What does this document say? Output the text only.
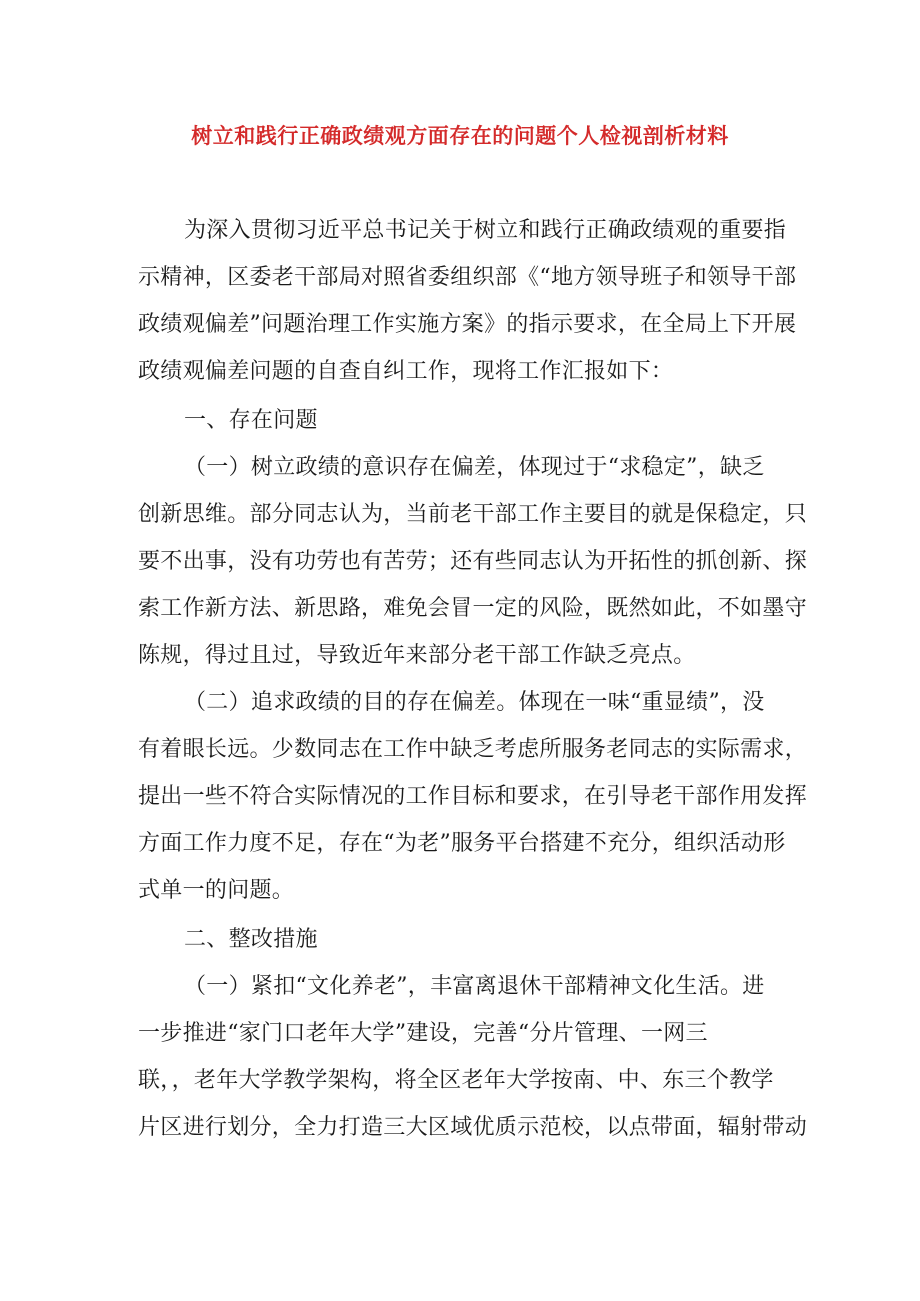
树立和践行正确政绩观方面存在的问题个人检视剖析材料
为深入贯彻习近平总书记关于树立和践行正确政绩观的重要指
示精神，区委老干部局对照省委组织部《“地方领导班子和领导干部
政绩观偏差”问题治理工作实施方案》的指示要求，在全局上下开展
政绩观偏差问题的自查自纠工作，现将工作汇报如下：
一、存在问题
（一）树立政绩的意识存在偏差，体现过于“求稳定”，缺乏
创新思维。部分同志认为，当前老干部工作主要目的就是保稳定，只
要不出事，没有功劳也有苦劳；还有些同志认为开拓性的抓创新、探
索工作新方法、新思路，难免会冒一定的风险，既然如此，不如墨守
陈规，得过且过，导致近年来部分老干部工作缺乏亮点。
（二）追求政绩的目的存在偏差。体现在一味“重显绩”，没
有着眼长远。少数同志在工作中缺乏考虑所服务老同志的实际需求，
提出一些不符合实际情况的工作目标和要求，在引导老干部作用发挥
方面工作力度不足，存在“为老”服务平台搭建不充分，组织活动形
式单一的问题。
二、整改措施
（一）紧扣“文化养老”，丰富离退休干部精神文化生活。进
一步推进“家门口老年大学”建设，完善“分片管理、一网三
联，，老年大学教学架构，将全区老年大学按南、中、东三个教学
片区进行划分，全力打造三大区域优质示范校，以点带面，辐射带动
